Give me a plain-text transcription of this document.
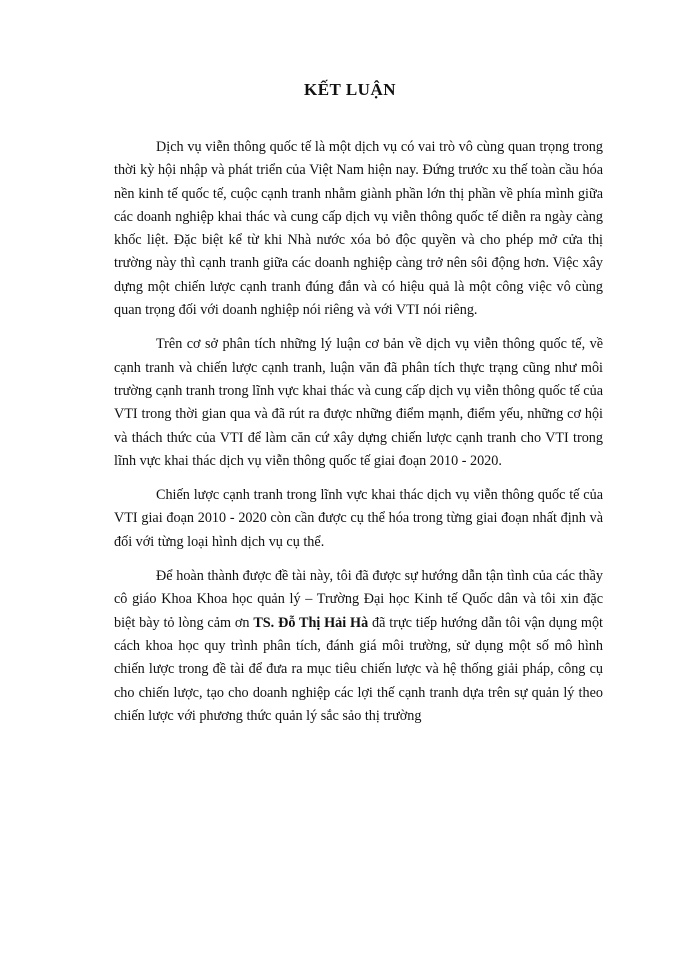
KẾT LUẬN

Dịch vụ viễn thông quốc tế là một dịch vụ có vai trò vô cùng quan trọng trong thời kỳ hội nhập và phát triển của Việt Nam hiện nay. Đứng trước xu thế toàn cầu hóa nền kinh tế quốc tế, cuộc cạnh tranh nhằm giành phần lớn thị phần về phía mình giữa các doanh nghiệp khai thác và cung cấp dịch vụ viễn thông quốc tế diễn ra ngày càng khốc liệt. Đặc biệt kể từ khi Nhà nước xóa bỏ độc quyền và cho phép mở cửa thị trường này thì cạnh tranh giữa các doanh nghiệp càng trở nên sôi động hơn. Việc xây dựng một chiến lược cạnh tranh đúng đắn và có hiệu quả là một công việc vô cùng quan trọng đối với doanh nghiệp nói riêng và với VTI nói riêng.

Trên cơ sở phân tích những lý luận cơ bản về dịch vụ viễn thông quốc tế, về cạnh tranh và chiến lược cạnh tranh, luận văn đã phân tích thực trạng cũng như môi trường cạnh tranh trong lĩnh vực khai thác và cung cấp dịch vụ viễn thông quốc tế của VTI trong thời gian qua và đã rút ra được những điểm mạnh, điểm yếu, những cơ hội và thách thức của VTI để làm căn cứ xây dựng chiến lược cạnh tranh cho VTI trong lĩnh vực khai thác dịch vụ viễn thông quốc tế giai đoạn 2010 - 2020.

Chiến lược cạnh tranh trong lĩnh vực khai thác dịch vụ viễn thông quốc tế của VTI giai đoạn 2010 - 2020 còn cần được cụ thể hóa trong từng giai đoạn nhất định và đối với từng loại hình dịch vụ cụ thể.

Để hoàn thành được đề tài này, tôi đã được sự hướng dẫn tận tình của các thầy cô giáo Khoa Khoa học quản lý – Trường Đại học Kinh tế Quốc dân và tôi xin đặc biệt bày tỏ lòng cảm ơn TS. Đỗ Thị Hải Hà đã trực tiếp hướng dẫn tôi vận dụng một cách khoa học quy trình phân tích, đánh giá môi trường, sử dụng một số mô hình chiến lược trong đề tài để đưa ra mục tiêu chiến lược và hệ thống giải pháp, công cụ cho chiến lược, tạo cho doanh nghiệp các lợi thế cạnh tranh dựa trên sự quản lý theo chiến lược với phương thức quản lý sắc sảo thị trường
